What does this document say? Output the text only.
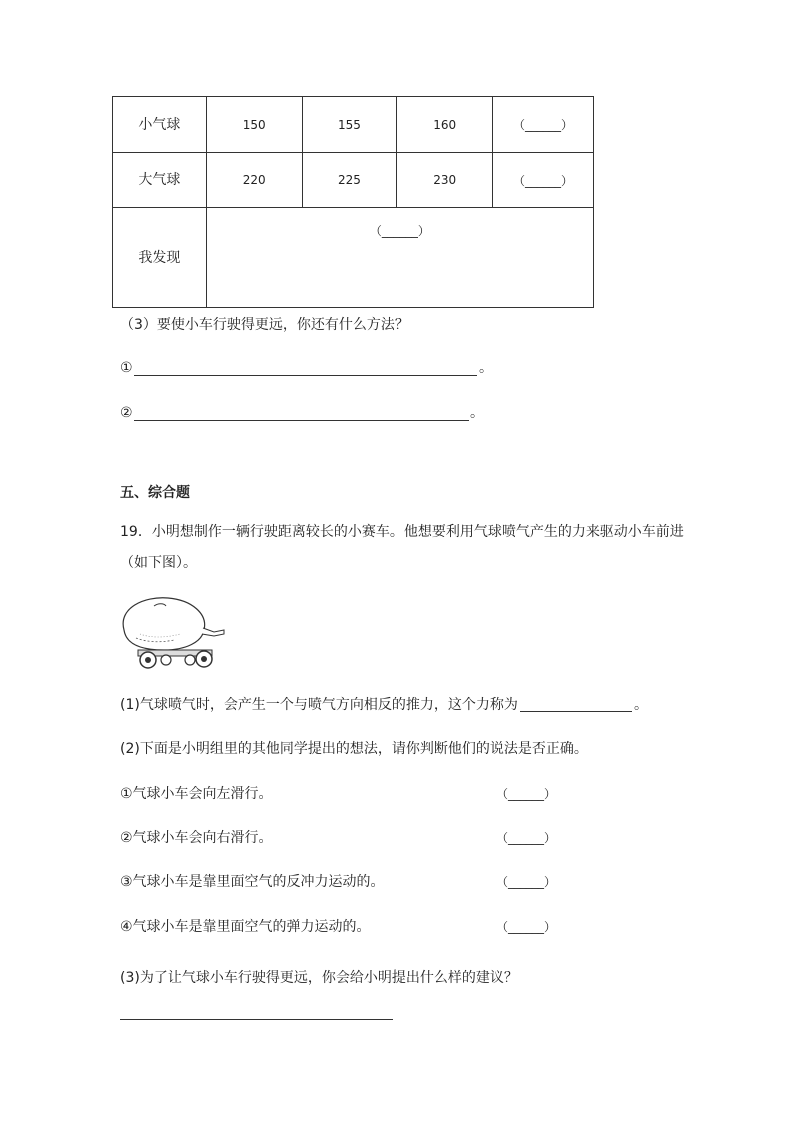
小气球	150	155	160	（______）
大气球	220	225	230	（______）
我发现	（______）			
（3）要使小车行驶得更远，你还有什么方法？
①	。
②	。
五、综合题
19．小明想制作一辆行驶距离较长的小赛车。他想要利用气球喷气产生的力来驱动小车前进
（如下图）。
(1)气球喷气时，会产生一个与喷气方向相反的推力，这个力称为	。
(2)下面是小明组里的其他同学提出的想法，请你判断他们的说法是否正确。
①气球小车会向左滑行。	（______）
②气球小车会向右滑行。	（______）
③气球小车是靠里面空气的反冲力运动的。	（______）
④气球小车是靠里面空气的弹力运动的。	（______）
(3)为了让气球小车行驶得更远，你会给小明提出什么样的建议？
